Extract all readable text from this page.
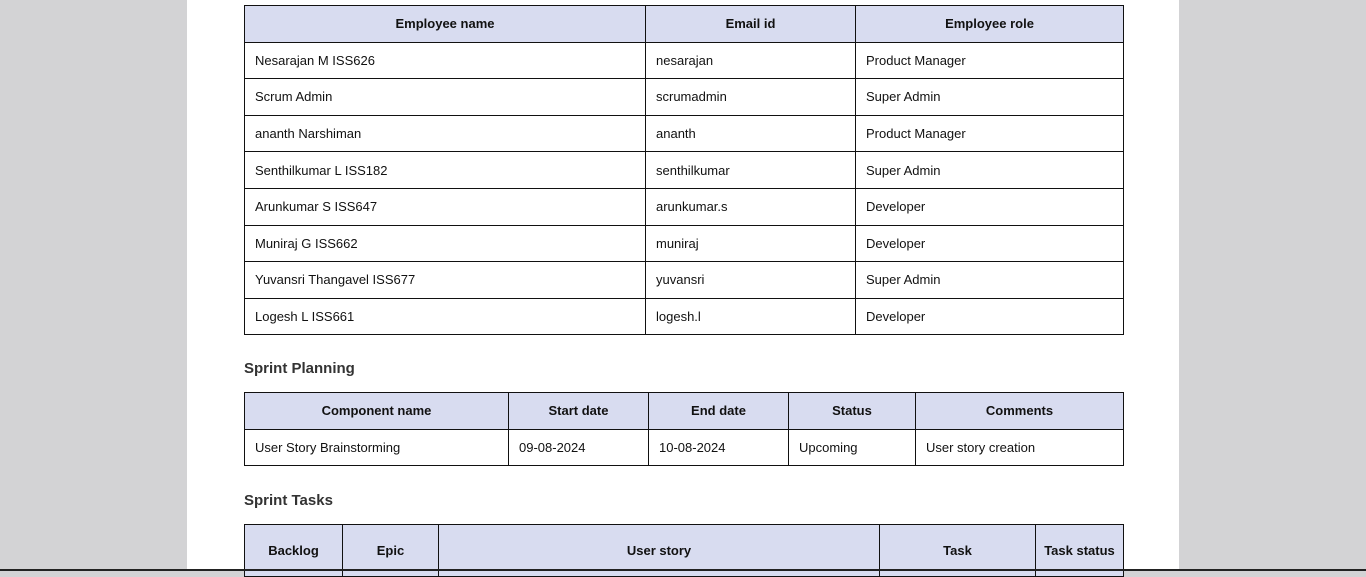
Employee name	Email id	Employee role
Nesarajan M ISS626	nesarajan	Product Manager
Scrum Admin	scrumadmin	Super Admin
ananth Narshiman	ananth	Product Manager
Senthilkumar L ISS182	senthilkumar	Super Admin
Arunkumar S ISS647	arunkumar.s	Developer
Muniraj G ISS662	muniraj	Developer
Yuvansri Thangavel ISS677	yuvansri	Super Admin
Logesh L ISS661	logesh.l	Developer
Sprint Planning
Component name	Start date	End date	Status	Comments
User Story Brainstorming	09-08-2024	10-08-2024	Upcoming	User story creation
Sprint Tasks
Backlog	Epic	User story	Task	Task status
